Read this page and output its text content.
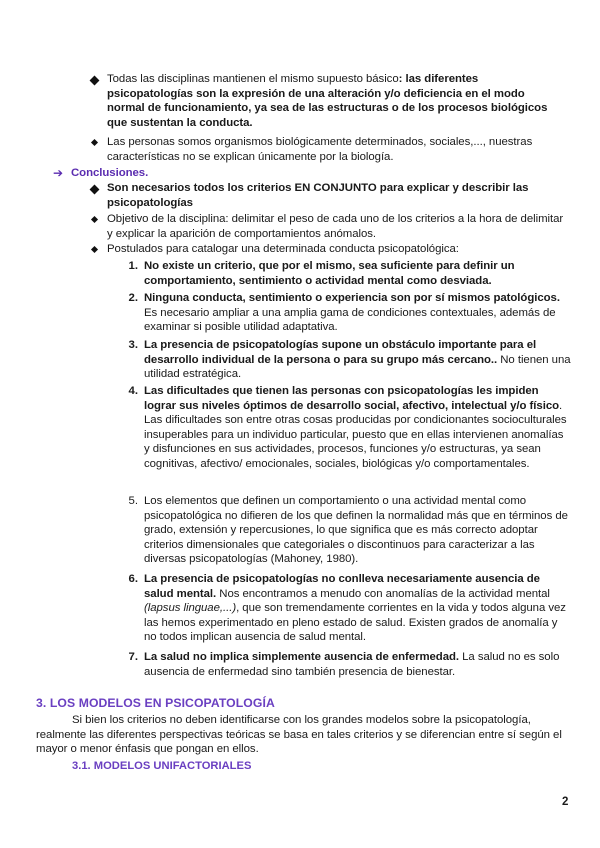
Todas las disciplinas mantienen el mismo supuesto básico: las diferentes psicopatologías son la expresión de una alteración y/o deficiencia en el modo normal de funcionamiento, ya sea de las estructuras o de los procesos biológicos que sustentan la conducta.
Las personas somos organismos biológicamente determinados, sociales,..., nuestras características no se explican únicamente por la biología.
➔ Conclusiones.
Son necesarios todos los criterios EN CONJUNTO para explicar y describir las psicopatologías
Objetivo de la disciplina: delimitar el peso de cada uno de los criterios a la hora de delimitar y explicar la aparición de comportamientos anómalos.
Postulados para catalogar una determinada conducta psicopatológica:
1. No existe un criterio, que por el mismo, sea suficiente para definir un comportamiento, sentimiento o actividad mental como desviada.
2. Ninguna conducta, sentimiento o experiencia son por sí mismos patológicos. Es necesario ampliar a una amplia gama de condiciones contextuales, además de examinar si posible utilidad adaptativa.
3. La presencia de psicopatologías supone un obstáculo importante para el desarrollo individual de la persona o para su grupo más cercano.. No tienen una utilidad estratégica.
4. Las dificultades que tienen las personas con psicopatologías les impiden lograr sus niveles óptimos de desarrollo social, afectivo, intelectual y/o físico. Las dificultades son entre otras cosas producidas por condicionantes socioculturales insuperables para un individuo particular, puesto que en ellas intervienen anomalías y disfunciones en sus actividades, procesos, funciones y/o estructuras, ya sean cognitivas, afectivo/ emocionales, sociales, biológicas y/o comportamentales.
5. Los elementos que definen un comportamiento o una actividad mental como psicopatológica no difieren de los que definen la normalidad más que en términos de grado, extensión y repercusiones, lo que significa que es más correcto adoptar criterios dimensionales que categoriales o discontinuos para caracterizar a las diversas psicopatologías (Mahoney, 1980).
6. La presencia de psicopatologías no conlleva necesariamente ausencia de salud mental. Nos encontramos a menudo con anomalías de la actividad mental (lapsus linguae,...), que son tremendamente corrientes en la vida y todos alguna vez las hemos experimentado en pleno estado de salud. Existen grados de anomalía y no todos implican ausencia de salud mental.
7. La salud no implica simplemente ausencia de enfermedad. La salud no es solo ausencia de enfermedad sino también presencia de bienestar.
3. LOS MODELOS EN PSICOPATOLOGÍA
Si bien los criterios no deben identificarse con los grandes modelos sobre la psicopatología, realmente las diferentes perspectivas teóricas se basa en tales criterios y se diferencian entre sí según el mayor o menor énfasis que pongan en ellos.
3.1. MODELOS UNIFACTORIALES
2
